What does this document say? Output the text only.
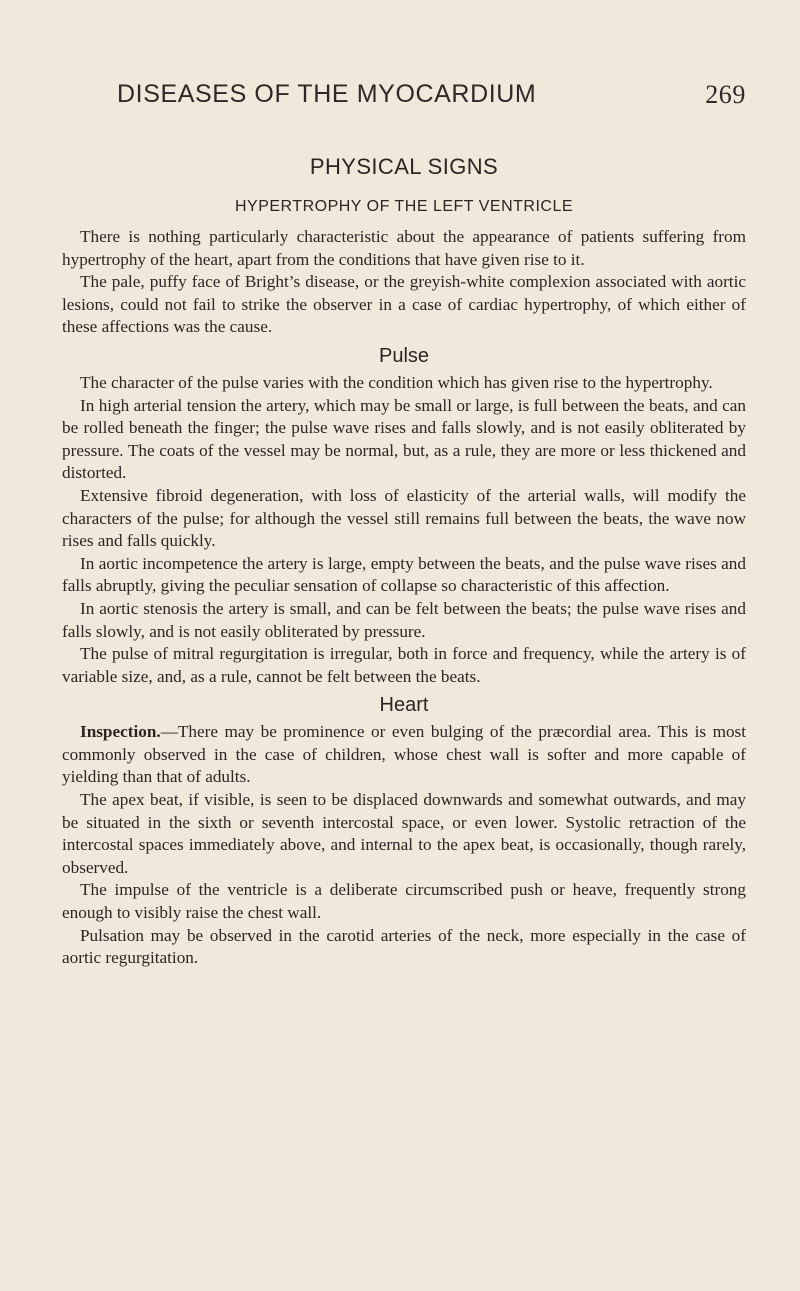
DISEASES OF THE MYOCARDIUM	269
PHYSICAL SIGNS
HYPERTROPHY OF THE LEFT VENTRICLE

There is nothing particularly characteristic about the appearance of patients suffering from hypertrophy of the heart, apart from the conditions that have given rise to it.

The pale, puffy face of Bright’s disease, or the greyish-white complexion associated with aortic lesions, could not fail to strike the observer in a case of cardiac hypertrophy, of which either of these affections was the cause.

Pulse

The character of the pulse varies with the condition which has given rise to the hypertrophy.

In high arterial tension the artery, which may be small or large, is full between the beats, and can be rolled beneath the finger; the pulse wave rises and falls slowly, and is not easily obliterated by pressure. The coats of the vessel may be normal, but, as a rule, they are more or less thickened and distorted.

Extensive fibroid degeneration, with loss of elasticity of the arterial walls, will modify the characters of the pulse; for although the vessel still remains full between the beats, the wave now rises and falls quickly.

In aortic incompetence the artery is large, empty between the beats, and the pulse wave rises and falls abruptly, giving the peculiar sensation of collapse so characteristic of this affection.

In aortic stenosis the artery is small, and can be felt between the beats; the pulse wave rises and falls slowly, and is not easily obliterated by pressure.

The pulse of mitral regurgitation is irregular, both in force and frequency, while the artery is of variable size, and, as a rule, cannot be felt between the beats.

Heart

Inspection.—There may be prominence or even bulging of the præcordial area. This is most commonly observed in the case of children, whose chest wall is softer and more capable of yielding than that of adults.

The apex beat, if visible, is seen to be displaced downwards and somewhat outwards, and may be situated in the sixth or seventh intercostal space, or even lower. Systolic retraction of the intercostal spaces immediately above, and internal to the apex beat, is occasionally, though rarely, observed.

The impulse of the ventricle is a deliberate circumscribed push or heave, frequently strong enough to visibly raise the chest wall.

Pulsation may be observed in the carotid arteries of the neck, more especially in the case of aortic regurgitation.
